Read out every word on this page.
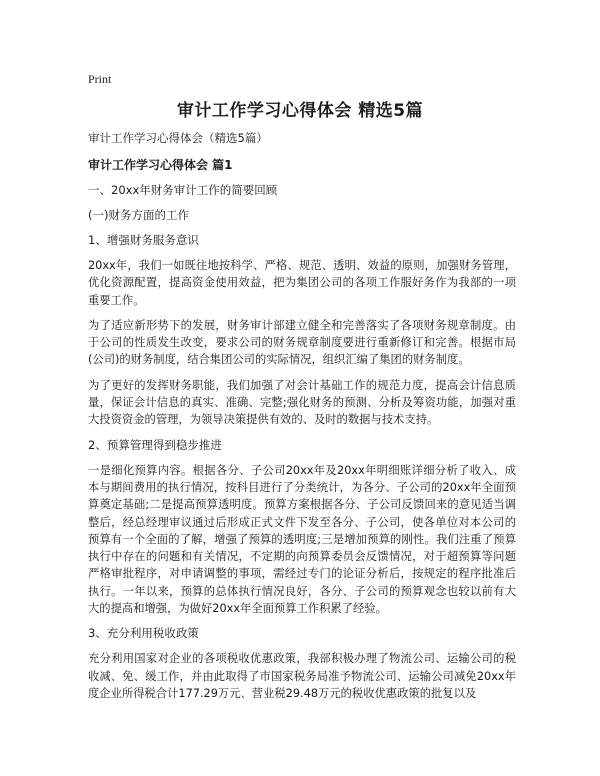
Print
审计工作学习心得体会 精选5篇

审计工作学习心得体会（精选5篇）

审计工作学习心得体会 篇1

一、20xx年财务审计工作的简要回顾

(一)财务方面的工作

1、增强财务服务意识

20xx年，我们一如既往地按科学、严格、规范、透明、效益的原则，加强财务管理，优化资源配置，提高资金使用效益，把为集团公司的各项工作服好务作为我部的一项重要工作。

为了适应新形势下的发展，财务审计部建立健全和完善落实了各项财务规章制度。由于公司的性质发生改变，要求公司的财务规章制度要进行重新修订和完善。根据市局(公司)的财务制度，结合集团公司的实际情况，组织汇编了集团的财务制度。

为了更好的发挥财务职能，我们加强了对会计基础工作的规范力度，提高会计信息质量，保证会计信息的真实、准确、完整;强化财务的预测、分析及筹资功能，加强对重大投资资金的管理，为领导决策提供有效的、及时的数据与技术支持。

2、预算管理得到稳步推进

一是细化预算内容。根据各分、子公司20xx年及20xx年明细账详细分析了收入、成本与期间费用的执行情况，按科目进行了分类统计，为各分、子公司的20xx年全面预算奠定基础;二是提高预算透明度。预算方案根据各分、子公司反馈回来的意见适当调整后，经总经理审议通过后形成正式文件下发至各分、子公司，使各单位对本公司的预算有一个全面的了解，增强了预算的透明度;三是增加预算的刚性。我们注重了预算执行中存在的问题和有关情况，不定期的向预算委员会反馈情况，对于超预算等问题严格审批程序，对申请调整的事项，需经过专门的论证分析后，按规定的程序批准后执行。一年以来，预算的总体执行情况良好，各分、子公司的预算观念也较以前有大大的提高和增强，为做好20xx年全面预算工作积累了经验。

3、充分利用税收政策

充分利用国家对企业的各项税收优惠政策，我部积极办理了物流公司、运输公司的税收减、免、缓工作，并由此取得了市国家税务局准予物流公司、运输公司减免20xx年度企业所得税合计177.29万元、营业税29.48万元的税收优惠政策的批复以及
